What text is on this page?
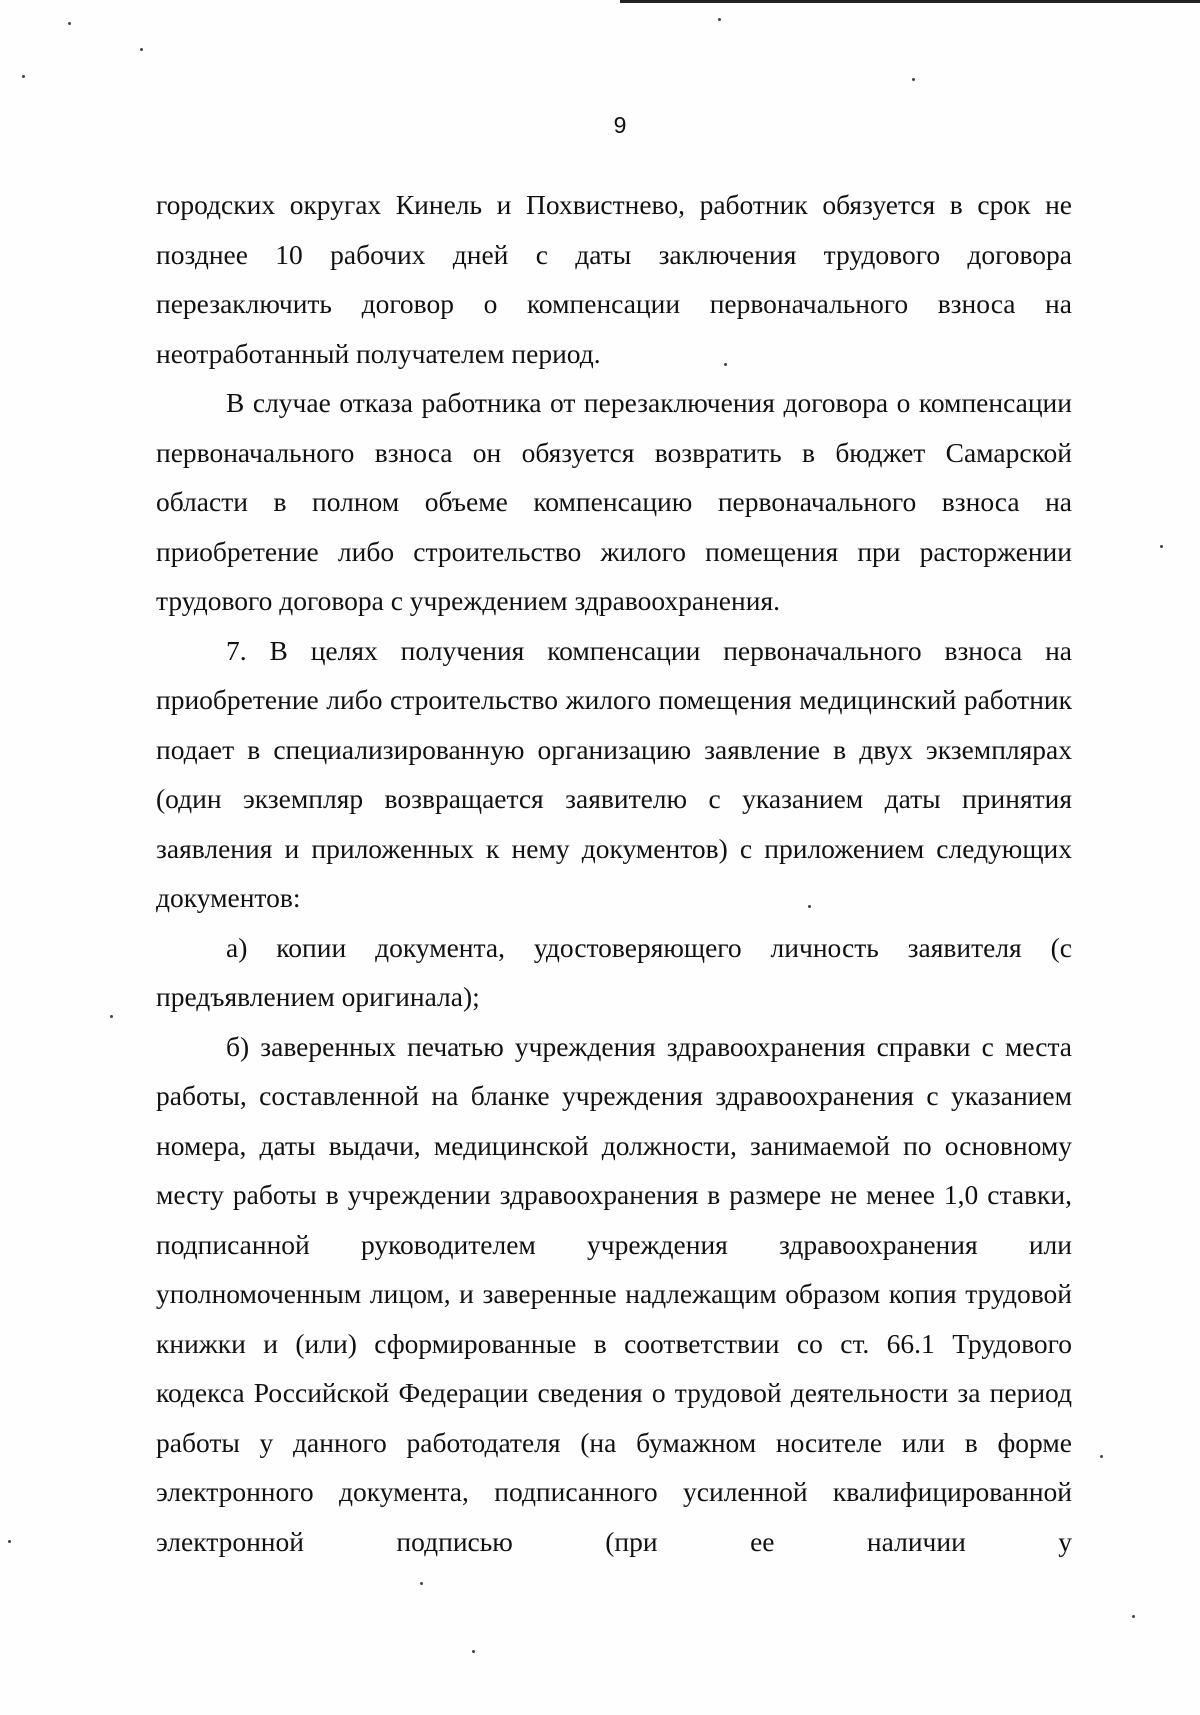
9

городских округах Кинель и Похвистнево, работник обязуется в срок не позднее 10 рабочих дней с даты заключения трудового договора перезаключить договор о компенсации первоначального взноса на неотработанный получателем период.

В случае отказа работника от перезаключения договора о компенсации первоначального взноса он обязуется возвратить в бюджет Самарской области в полном объеме компенсацию первоначального взноса на приобретение либо строительство жилого помещения при расторжении трудового договора с учреждением здравоохранения.

7. В целях получения компенсации первоначального взноса на приобретение либо строительство жилого помещения медицинский работник подает в специализированную организацию заявление в двух экземплярах (один экземпляр возвращается заявителю с указанием даты принятия заявления и приложенных к нему документов) с приложением следующих документов:

а) копии документа, удостоверяющего личность заявителя (с предъявлением оригинала);

б) заверенных печатью учреждения здравоохранения справки с места работы, составленной на бланке учреждения здравоохранения с указанием номера, даты выдачи, медицинской должности, занимаемой по основному месту работы в учреждении здравоохранения в размере не менее 1,0 ставки, подписанной руководителем учреждения здравоохранения или уполномоченным лицом, и заверенные надлежащим образом копия трудовой книжки и (или) сформированные в соответствии со ст. 66.1 Трудового кодекса Российской Федерации сведения о трудовой деятельности за период работы у данного работодателя (на бумажном носителе или в форме электронного документа, подписанного усиленной квалифицированной электронной подписью (при ее наличии у
